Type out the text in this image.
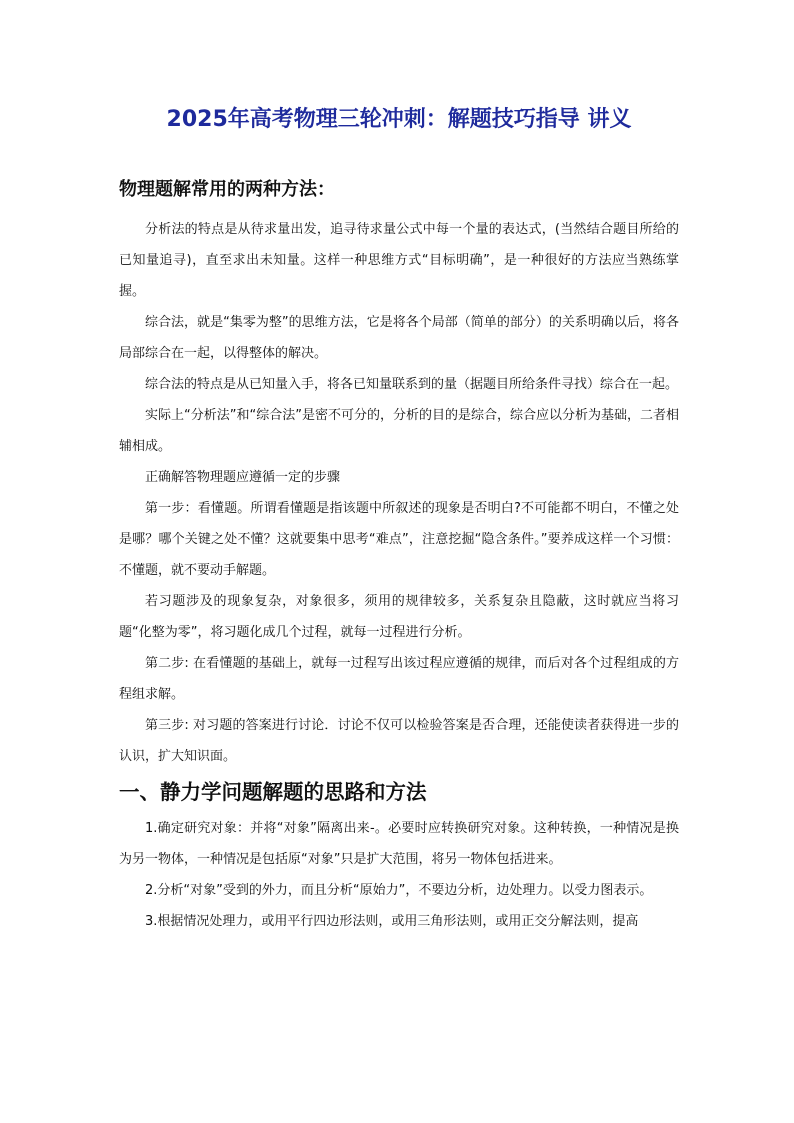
2025年高考物理三轮冲刺：解题技巧指导 讲义
物理题解常用的两种方法：

分析法的特点是从待求量出发，追寻待求量公式中每一个量的表达式，(当然结合题目所给的已知量追寻)，直至求出未知量。这样一种思维方式“目标明确”，是一种很好的方法应当熟练掌握。

综合法，就是“集零为整”的思维方法，它是将各个局部（简单的部分）的关系明确以后，将各局部综合在一起，以得整体的解决。

综合法的特点是从已知量入手，将各已知量联系到的量（据题目所给条件寻找）综合在一起。

实际上“分析法”和“综合法”是密不可分的，分析的目的是综合，综合应以分析为基础，二者相辅相成。

正确解答物理题应遵循一定的步骤

第一步：看懂题。所谓看懂题是指该题中所叙述的现象是否明白?不可能都不明白，不懂之处是哪？哪个关键之处不懂？这就要集中思考“难点”，注意挖掘“隐含条件。”要养成这样一个习惯：不懂题，就不要动手解题。

若习题涉及的现象复杂，对象很多，须用的规律较多，关系复杂且隐蔽，这时就应当将习题“化整为零”，将习题化成几个过程，就每一过程进行分析。

第二步: 在看懂题的基础上，就每一过程写出该过程应遵循的规律，而后对各个过程组成的方程组求解。

第三步: 对习题的答案进行讨论．讨论不仅可以检验答案是否合理，还能使读者获得进一步的认识，扩大知识面。

一、静力学问题解题的思路和方法

1.确定研究对象：并将“对象”隔离出来-。必要时应转换研究对象。这种转换，一种情况是换为另一物体，一种情况是包括原“对象”只是扩大范围，将另一物体包括进来。

2.分析“对象”受到的外力，而且分析“原始力”，不要边分析，边处理力。以受力图表示。

3.根据情况处理力，或用平行四边形法则，或用三角形法则，或用正交分解法则，提高
